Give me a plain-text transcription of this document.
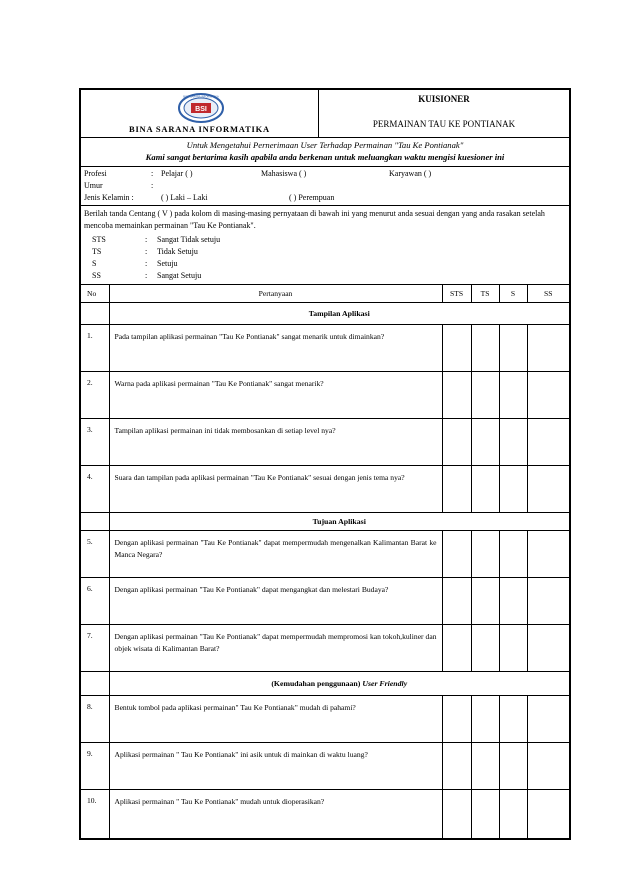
BINA SARANA INFORMATIKA
BSI
BINA SARANA INFORMATIKA
KUISIONER
PERMAINAN TAU KE PONTIANAK
Untuk Mengetahui Pernerimaan User Terhadap Permainan "Tau Ke Pontianak"
Kami sangat bertarima kasih apabila anda berkenan untuk meluangkan waktu mengisi kuesioner ini
Profesi	: Pelajar ( )	Mahasiswa ( )	Karyawan ( )
Umur	:
Jenis Kelamin :	( ) Laki – Laki	( ) Perempuan
Berilah tanda Centang ( V ) pada kolom di masing-masing pernyataan di bawah ini yang menurut anda sesuai dengan yang anda rasakan setelah mencoba memainkan permainan "Tau Ke Pontianak".
STS	:	Sangat Tidak setuju
TS	:	Tidak Setuju
S	:	Setuju
SS	:	Sangat Setuju
No	Pertanyaan	STS	TS	S	SS
	Tampilan Aplikasi				
1.	Pada tampilan aplikasi permainan "Tau Ke Pontianak" sangat menarik untuk dimainkan?				
2.	Warna pada aplikasi permainan "Tau Ke Pontianak" sangat menarik?				
3.	Tampilan aplikasi permainan ini tidak membosankan di setiap level nya?				
4.	Suara dan tampilan pada aplikasi permainan "Tau Ke Pontianak" sesuai dengan jenis tema nya?				
	Tujuan Aplikasi				
5.	Dengan aplikasi permainan "Tau Ke Pontianak" dapat mempermudah mengenalkan Kalimantan Barat ke Manca Negara?				
6.	Dengan aplikasi permainan "Tau Ke Pontianak" dapat mengangkat dan melestari Budaya?				
7.	Dengan aplikasi permainan "Tau Ke Pontianak" dapat mempermudah mempromosi kan tokoh,kuliner dan objek wisata di Kalimantan Barat?				
	(Kemudahan penggunaan) User Friendly				
8.	Bentuk tombol pada aplikasi permainan" Tau Ke Pontianak" mudah di pahami?				
9.	Aplikasi permainan " Tau Ke Pontianak" ini asik untuk di mainkan di waktu luang?				
10.	Aplikasi permainan " Tau Ke Pontianak" mudah untuk dioperasikan?				
